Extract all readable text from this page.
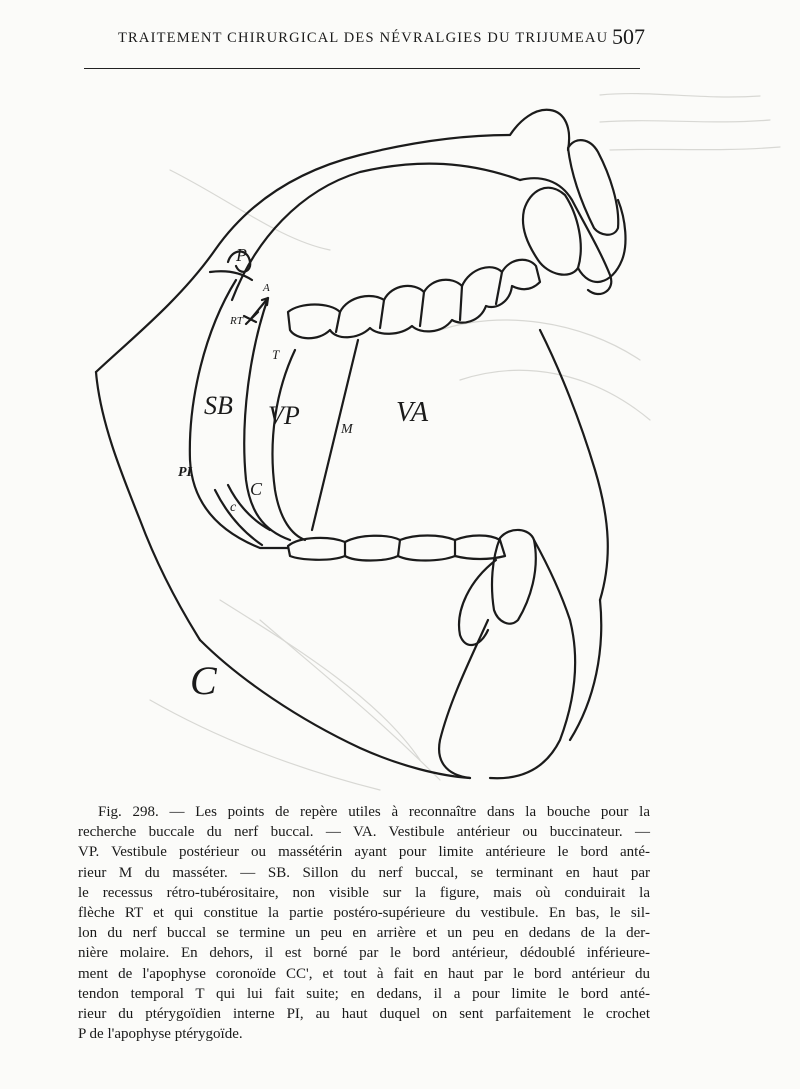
TRAITEMENT CHIRURGICAL DES NÉVRALGIES DU TRIJUMEAU 507
P
A
RT
T
SB VP	M
VA
PI
C
c
C
Fig. 298. — Les points de repère utiles à reconnaître dans la bouche pour la
recherche buccale du nerf buccal. — VA. Vestibule antérieur ou buccinateur. —
VP. Vestibule postérieur ou massétérin ayant pour limite antérieure le bord anté-
rieur M du masséter. — SB. Sillon du nerf buccal, se terminant en haut par
le recessus rétro-tubérositaire, non visible sur la figure, mais où conduirait la
flèche RT et qui constitue la partie postéro-supérieure du vestibule. En bas, le sil-
lon du nerf buccal se termine un peu en arrière et un peu en dedans de la der-
nière molaire. En dehors, il est borné par le bord antérieur, dédoublé inférieure-
ment de l'apophyse coronoïde CC', et tout à fait en haut par le bord antérieur du
tendon temporal T qui lui fait suite; en dedans, il a pour limite le bord anté-
rieur du ptérygoïdien interne PI, au haut duquel on sent parfaitement le crochet
P de l'apophyse ptérygoïde.
